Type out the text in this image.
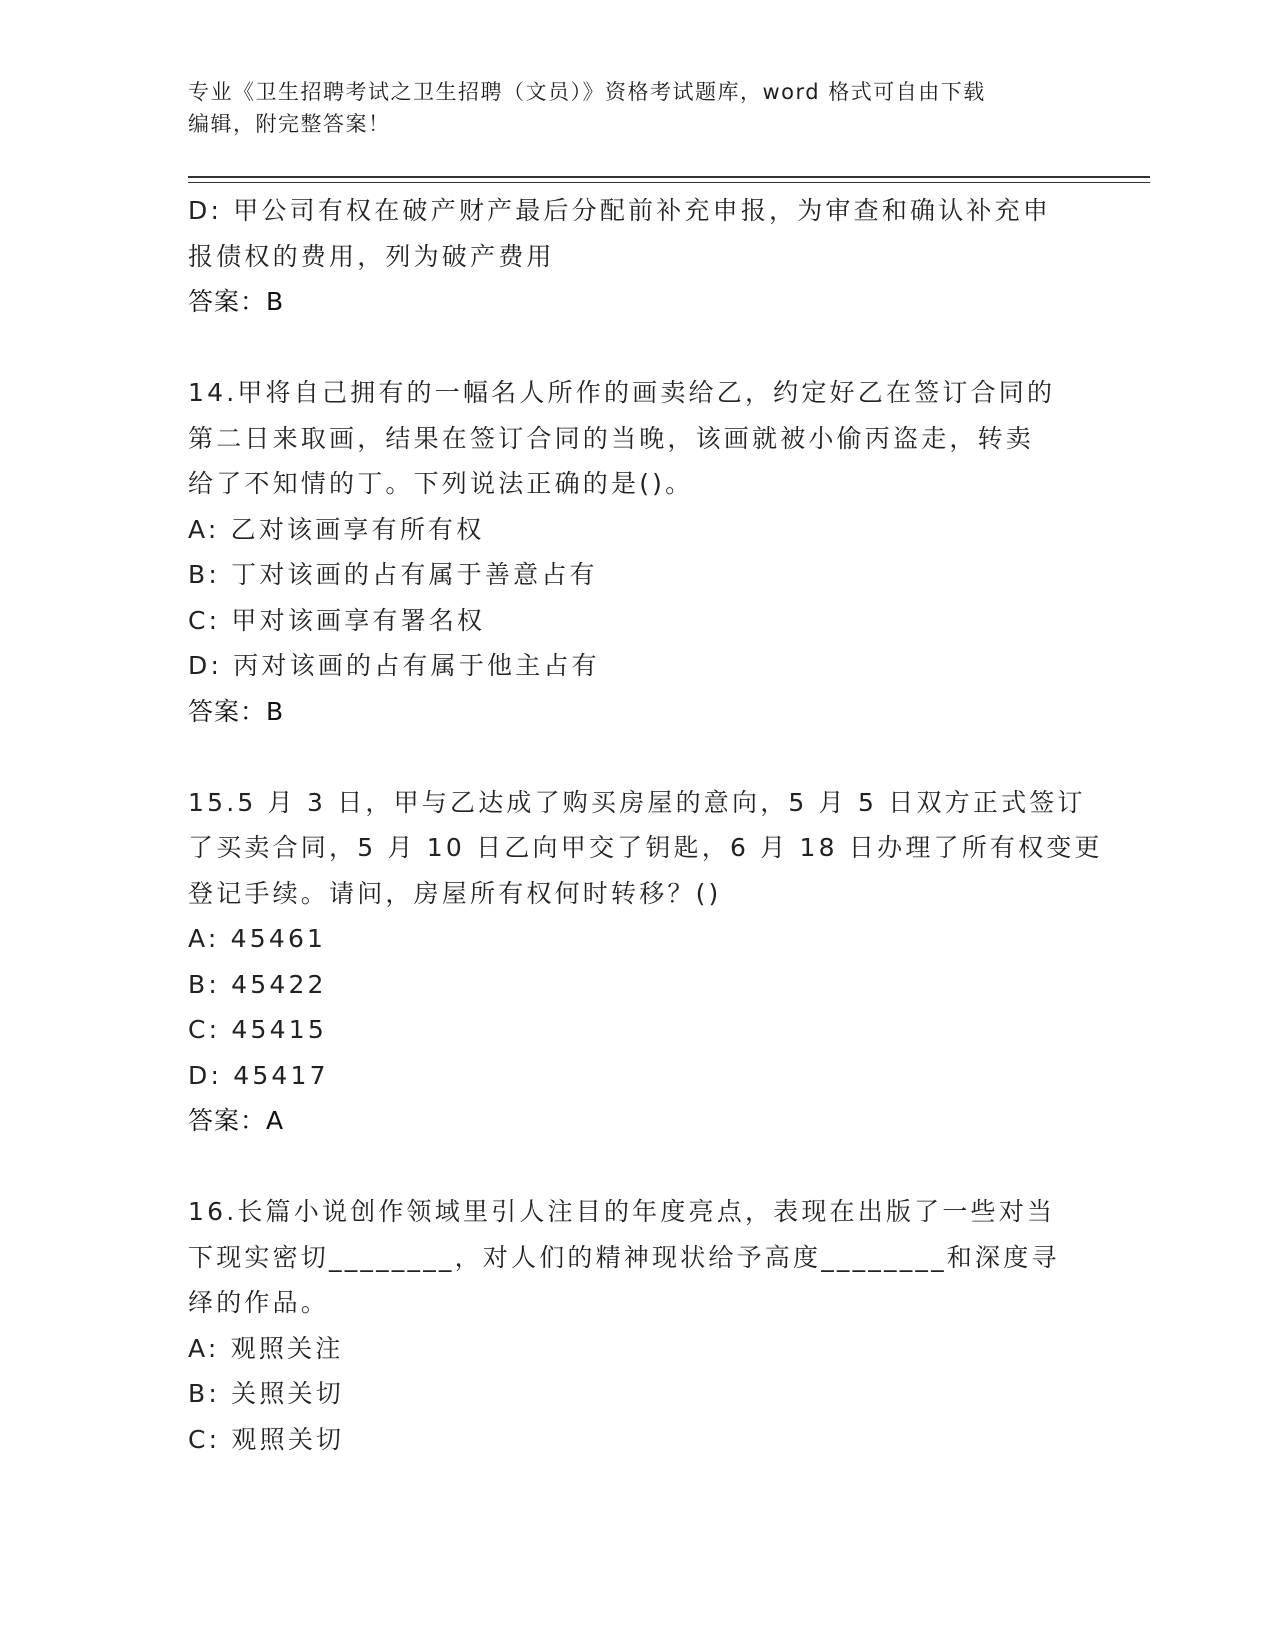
专业《卫生招聘考试之卫生招聘（文员）》资格考试题库，word 格式可自由下载
编辑，附完整答案！
D: 甲公司有权在破产财产最后分配前补充申报，为审查和确认补充申
报债权的费用，列为破产费用
答案：B
14.甲将自己拥有的一幅名人所作的画卖给乙，约定好乙在签订合同的
第二日来取画，结果在签订合同的当晚，该画就被小偷丙盗走，转卖
给了不知情的丁。下列说法正确的是()。
A: 乙对该画享有所有权
B: 丁对该画的占有属于善意占有
C: 甲对该画享有署名权
D: 丙对该画的占有属于他主占有
答案：B
15.5 月 3 日，甲与乙达成了购买房屋的意向，5 月 5 日双方正式签订
了买卖合同，5 月 10 日乙向甲交了钥匙，6 月 18 日办理了所有权变更
登记手续。请问，房屋所有权何时转移？()
A: 45461
B: 45422
C: 45415
D: 45417
答案：A
16.长篇小说创作领域里引人注目的年度亮点，表现在出版了一些对当
下现实密切________，对人们的精神现状给予高度________和深度寻
绎的作品。
A: 观照关注
B: 关照关切
C: 观照关切
